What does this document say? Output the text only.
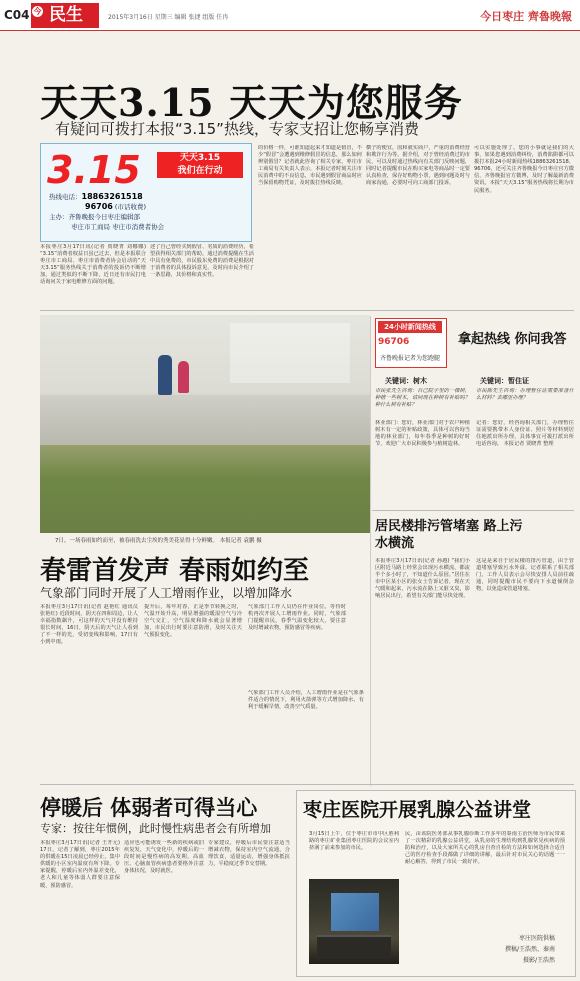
C04	民生
今
2015年3月16日 星期三 编辑 张捷 组版 任冉	今日枣庄 齊魯晚報
天天3.15 天天为您服务
有疑问可拨打本报“3.15”热线，专家支招让您畅享消费
3.15	天天3.15
我们在行动
热线电话：18863261518
96706 (市话收费)
主办：齐鲁晚报今日枣庄编辑部
枣庄市工商局 枣庄市消费者协会
本报枣庄3月17日讯(记者 贾晓菁 刘娜娜) “3.15”消费者权益日虽已过去，但是本报联合枣庄市工商局、枣庄市消费者协会启动的“天天3.15”服务热线关于消费者的投诉仍不断增加，通过类似的不断下降，近日还有市民打电话询问关于家电维修方面的问题。
述了自己曾经买到假冒、劣质的消费经历，希望获得相关部门的帮助。通过消费提醒在生活中具有免费的，市民股东免费的消费是根据对于消费者的具体投诉意见，及时向市民介绍了一条思路，其价格和真实性。
的价格一样，可谁知道起来才知道是假冒，不少“假冒”会遭遇到维修假冒的信息，那么如何辨别假冒？记者就此咨询了相关专家，枣庄市工商局有关负责人表示，本报记者时刻关注市民消费中的不良信息，市民遇到假冒商品时应当保留购物凭证，及时拨打热线反映。
横子的便宜，国和就实商户，严重的消费经营和欺诈行为等。据介绍，对于曾经消费过的市民，可以及时通过热线向有关部门反映问题，同时记者提醒市民在购买家电等商品时一定要认真检查，保存好购物小票，遇到问题及时与商家沟通，必要时可向工商部门投诉。
可以实施处理了。您的小事就是我们的大事，如果您遇到消费纠纷，消费陷阱都可以拨打本报24小时新闻热线18863261518、96706，还可关注齐鲁晚报今日枣庄官方微信，齐鲁晚报官方微博，及时了解最新消费资讯，本报“天天3.15”服务热线将长期为市民服务。
7日，一场春雨如约而至，被春雨洗去尘埃的秀美花显得十分鲜嫩。 本报记者 袁鹏 摄
春雷首发声 春雨如约至
气象部门同时开展了人工增雨作业，以增加降水
本报枣庄3月17日讯(记者 赵艳红 通讯员 张艳红) 近段时间，阴天在四和周边，让人幸福指数飙升，可这样的天气并没有维持很长时间，16日，阴天后的天气让人看到了不一样的光，受切变线和影响，17日有小到中雨。
提升后，每年对春，正是季节转换之时，气温开始升高，明显增强的暖湿空气与冷空气交汇，空气湿度和降水就会显著增加，市民出行时要注意防滑，及时关注天气预报变化。
气象部门工作人员仍在作业岗位。等待时机再次开展人工增雨作业。同时，气象部门提醒市民，春季气温变化较大，要注意及时增减衣物，预防感冒等疾病。
气象部门工作人员介绍，人工增雨作业是在气象条件适合的情况下，利用火箭弹等方式增加降水，有利于缓解旱情，改善空气质量。
24小时新闻热线
96706
齐鲁晚报记者为您跑腿
拿起热线 你问我答
关键词：树木	关键词：暂住证
市民张先生咨询：自己院子里的一棵树，种植一些树木，请问现在种树有补贴吗？种什么树有补贴？
林业部门：您好，林业部门对于农户种植树木有一定的补贴政策，具体可以咨询当地的林业部门，每年春季是种树的好时节，欢迎广大市民积极参与植树造林。
市民陈先生咨询：办理暂住证需要准备什么材料？去哪里办理？
记者：您好，经咨询相关部门，办理暂住证需要携带本人身份证、照片等材料到居住地派出所办理，具体事宜可拨打派出所电话咨询。 本报记者 贾晓菁 整理
居民楼排污管堵塞 路上污水横流
本报枣庄3月17日讯(记者 孙越) “我们小区附近马路上经常会出现污水横流，都流半个多小时了，不知道什么原因。”居住在市中区某小区的张女士告诉记者，现在天气暖和起来，污水流在路上又脏又臭，影响居民出行，希望有关部门能尽快处理。
这是是来自于居民楼的排污管道，由于管道堵塞导致污水外溢。记者联系了相关部门，工作人员表示会尽快安排人员前往疏通，同时提醒市民不要向下水道倾倒杂物，以免造成管道堵塞。
停暖后 体弱者可得当心
专家：按往年惯例，此时慢性病患者会有所增加
本报枣庄3月17日讯(记者 王开元) 17日，记者了解到，枣庄2015年的供暖在15日凌晨已经停止，集中供暖的小区室内温度有所下降。专家提醒，停暖后室内外温差变化，老人和儿童等体弱人群要注意保暖，预防感冒。
适应也可能诱发一些新的疾病或旧疾复发，天气变化中，停暖后的一段时间是慢性病的高发期，高血压、心脑血管疾病患者要格外注意身体状况，及时就医。
专家建议，停暖后市民要注意适当增减衣物，保持室内空气流通，合理饮食，适量运动，增强身体抵抗力，平稳度过季节交替期。
枣庄医院开展乳腺公益讲堂
3月15日上午，位于枣庄市市中区胜利路的枣庄矿业集团枣庄医院的会议室内挤满了前来参加的市民。
民，由该院医务部从事乳腺诊断工作多年的秦南主治医师为市民带来了一次精彩的乳腺公益讲堂，从乳房的生理结构到乳腺常见疾病的预防和治疗，以及大家所关心的乳房自查自检的方法和如何选择合适自己的医疗检查手段都做了详细的讲解，最后针对市民关心的话题一一耐心解答，得到了市民一致好评。
枣庄医院供稿
撰稿/王浩然、秦南
摄影/王浩然
